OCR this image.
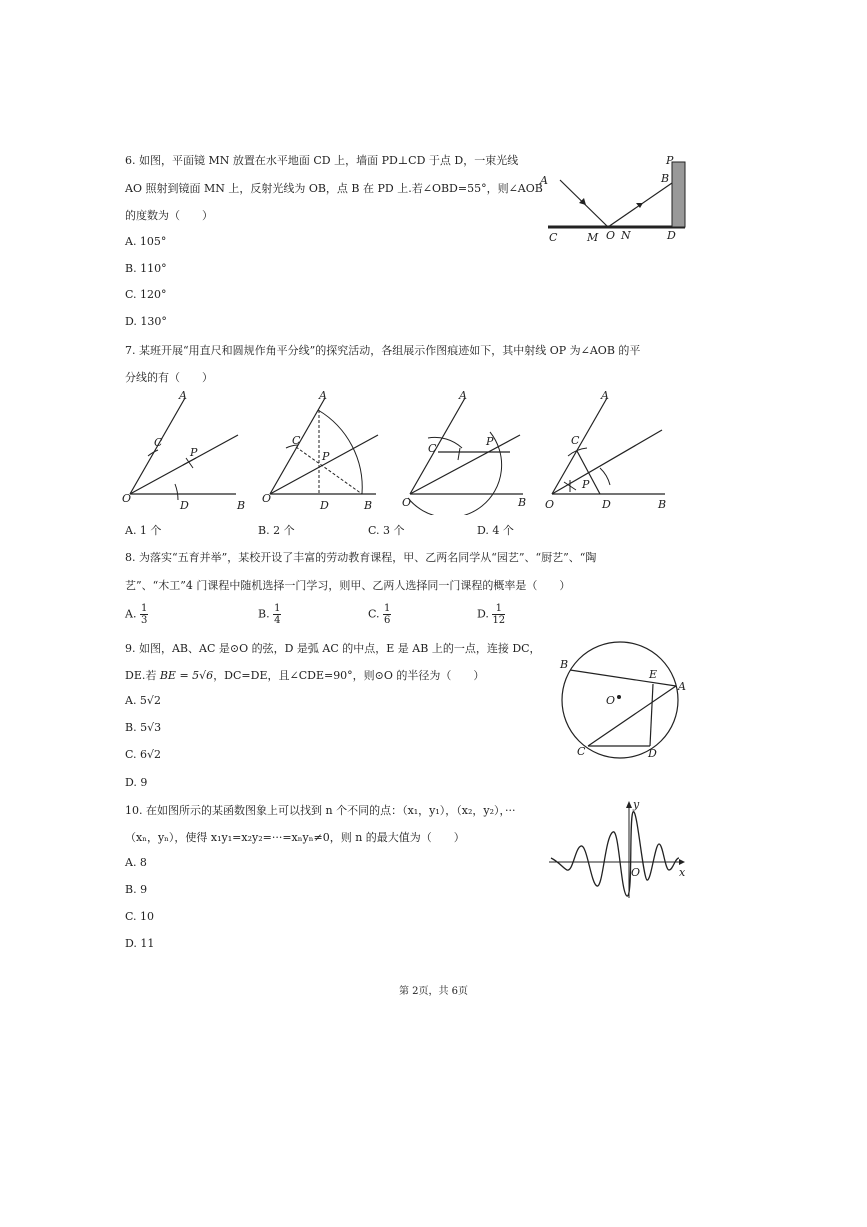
6. 如图，平面镜 MN 放置在水平地面 CD 上，墙面 PD⊥CD 于点 D，一束光线
AO 照射到镜面 MN 上，反射光线为 OB，点 B 在 PD 上.若∠OBD=55°，则∠AOB
的度数为（　　）
A. 105°
B. 110°
C. 120°
D. 130°
A	B
P
C	M O N	D
7. 某班开展“用直尺和圆规作角平分线”的探究活动，各组展示作图痕迹如下，其中射线 OP 为∠AOB 的平
分线的有（　　）
A
C
P
O
D	B
A
C
P
O
D	B
A
C
P
O	B
A
C
P
O	D	B
A. 1 个	B. 2 个	C. 3 个	D. 4 个
8. 为落实“五育并举”，某校开设了丰富的劳动教育课程，甲、乙两名同学从“园艺”、“厨艺”、“陶
艺”、“木工”4 门课程中随机选择一门学习，则甲、乙两人选择同一门课程的概率是（　　）
A. $\frac{1}{3}$	B. $\frac{1}{4}$	C. $\frac{1}{6}$	D. $\frac{1}{12}$
9. 如图，AB、AC 是⊙O 的弦，D 是弧 AC 的中点，E 是 AB 上的一点，连接 DC，
DE.若 BE = 5√6，DC=DE，且∠CDE=90°，则⊙O 的半径为（　　）
A. 5√2
B. 5√3
C. 6√2
D. 9
B
E
A
O
C	D
10. 在如图所示的某函数图象上可以找到 n 个不同的点：（x₁，y₁），（x₂，y₂），···
（xₙ，yₙ），使得 x₁y₁=x₂y₂=···=xₙyₙ≠0，则 n 的最大值为（　　）
A. 8
B. 9
C. 10
D. 11
y
O	x
第 2页，共 6页
